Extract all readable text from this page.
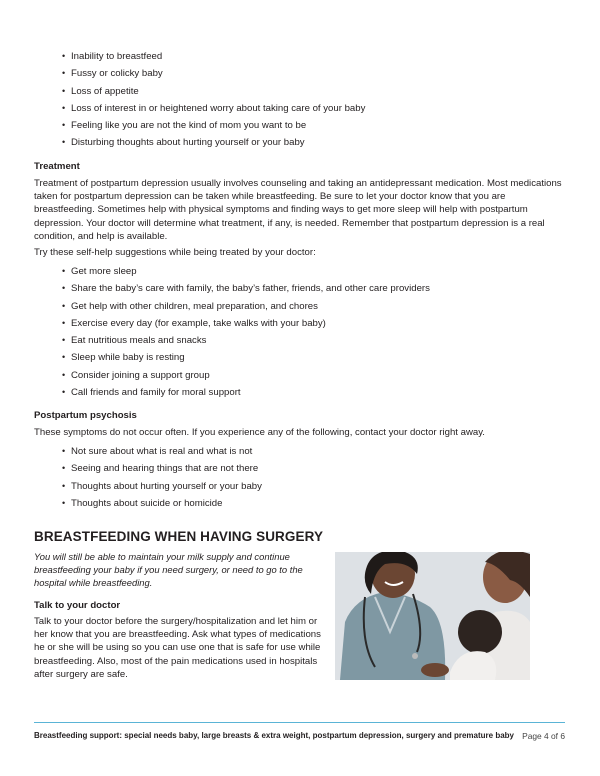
• Inability to breastfeed
• Fussy or colicky baby
• Loss of appetite
• Loss of interest in or heightened worry about taking care of your baby
• Feeling like you are not the kind of mom you want to be
• Disturbing thoughts about hurting yourself or your baby

Treatment

Treatment of postpartum depression usually involves counseling and taking an antidepressant medication. Most medications taken for postpartum depression can be taken while breastfeeding. Be sure to let your doctor know that you are breastfeeding. Sometimes help with physical symptoms and finding ways to get more sleep will help with postpartum depression. Your doctor will determine what treatment, if any, is needed. Remember that postpartum depression is a real condition, and help is available.

Try these self-help suggestions while being treated by your doctor:

• Get more sleep
• Share the baby’s care with family, the baby’s father, friends, and other care providers
• Get help with other children, meal preparation, and chores
• Exercise every day (for example, take walks with your baby)
• Eat nutritious meals and snacks
• Sleep while baby is resting
• Consider joining a support group
• Call friends and family for moral support

Postpartum psychosis

These symptoms do not occur often. If you experience any of the following, contact your doctor right away.

• Not sure about what is real and what is not
• Seeing and hearing things that are not there
• Thoughts about hurting yourself or your baby
• Thoughts about suicide or homicide
BREASTFEEDING WHEN HAVING SURGERY

You will still be able to maintain your milk supply and continue breastfeeding your baby if you need surgery, or need to go to the hospital while breastfeeding.

Talk to your doctor

Talk to your doctor before the surgery/hospitalization and let him or her know that you are breastfeeding. Ask what types of medications he or she will be using so you can use one that is safe for use while breastfeeding. Also, most of the pain medications used in hospitals after surgery are safe.

Breastfeeding support: special needs baby, large breasts & extra weight, postpartum depression, surgery and premature baby Page 4 of 6
